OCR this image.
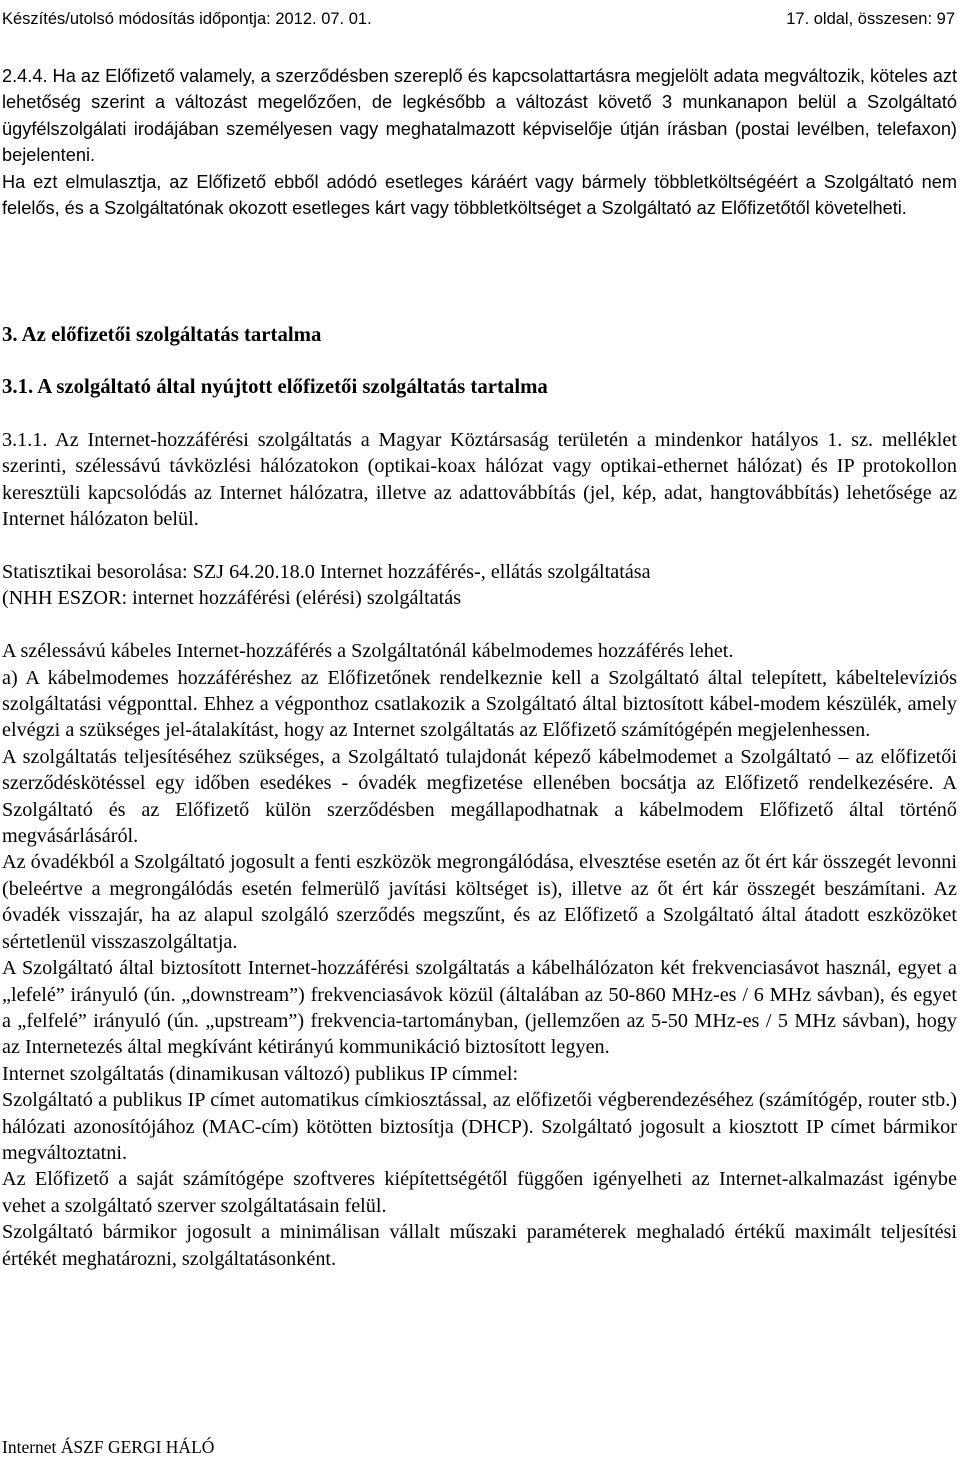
Készítés/utolsó módosítás időpontja: 2012. 07. 01.	17. oldal, összesen: 97
2.4.4. Ha az Előfizető valamely, a szerződésben szereplő és kapcsolattartásra megjelölt adata megváltozik, köteles azt lehetőség szerint a változást megelőzően, de legkésőbb a változást követő 3 munkanapon belül a Szolgáltató ügyfélszolgálati irodájában személyesen vagy meghatalmazott képviselője útján írásban (postai levélben, telefaxon) bejelenteni.
Ha ezt elmulasztja, az Előfizető ebből adódó esetleges káráért vagy bármely többletköltségéért a Szolgáltató nem felelős, és a Szolgáltatónak okozott esetleges kárt vagy többletköltséget a Szolgáltató az Előfizetőtől követelheti.
3. Az előfizetői szolgáltatás tartalma
3.1. A szolgáltató által nyújtott előfizetői szolgáltatás tartalma

3.1.1. Az Internet-hozzáférési szolgáltatás a Magyar Köztársaság területén a mindenkor hatályos 1. sz. melléklet szerinti, szélessávú távközlési hálózatokon (optikai-koax hálózat vagy optikai-ethernet hálózat) és IP protokollon keresztüli kapcsolódás az Internet hálózatra, illetve az adattovábbítás (jel, kép, adat, hangtovábbítás) lehetősége az Internet hálózaton belül.

Statisztikai besorolása: SZJ 64.20.18.0 Internet hozzáférés-, ellátás szolgáltatása

(NHH ESZOR: internet hozzáférési (elérési) szolgáltatás

A szélessávú kábeles Internet-hozzáférés a Szolgáltatónál kábelmodemes hozzáférés lehet.

a) A kábelmodemes hozzáféréshez az Előfizetőnek rendelkeznie kell a Szolgáltató által telepített, kábeltelevíziós szolgáltatási végponttal. Ehhez a végponthoz csatlakozik a Szolgáltató által biztosított kábel-modem készülék, amely elvégzi a szükséges jel-átalakítást, hogy az Internet szolgáltatás az Előfizető számítógépén megjelenhessen.

A szolgáltatás teljesítéséhez szükséges, a Szolgáltató tulajdonát képező kábelmodemet a Szolgáltató – az előfizetői szerződéskötéssel egy időben esedékes - óvadék megfizetése ellenében bocsátja az Előfizető rendelkezésére. A Szolgáltató és az Előfizető külön szerződésben megállapodhatnak a kábelmodem Előfizető által történő megvásárlásáról.

Az óvadékból a Szolgáltató jogosult a fenti eszközök megrongálódása, elvesztése esetén az őt ért kár összegét levonni (beleértve a megrongálódás esetén felmerülő javítási költséget is), illetve az őt ért kár összegét beszámítani. Az óvadék visszajár, ha az alapul szolgáló szerződés megszűnt, és az Előfizető a Szolgáltató által átadott eszközöket sértetlenül visszaszolgáltatja.

A Szolgáltató által biztosított Internet-hozzáférési szolgáltatás a kábelhálózaton két frekvenciasávot használ, egyet a „lefelé” irányuló (ún. „downstream”) frekvenciasávok közül (általában az 50-860 MHz-es / 6 MHz sávban), és egyet a „felfelé” irányuló (ún. „upstream”) frekvencia-tartományban, (jellemzően az 5-50 MHz-es / 5 MHz sávban), hogy az Internetezés által megkívánt kétirányú kommunikáció biztosított legyen.

Internet szolgáltatás (dinamikusan változó) publikus IP címmel:

Szolgáltató a publikus IP címet automatikus címkiosztással, az előfizetői végberendezéséhez (számítógép, router stb.) hálózati azonosítójához (MAC-cím) kötötten biztosítja (DHCP). Szolgáltató jogosult a kiosztott IP címet bármikor megváltoztatni.

Az Előfizető a saját számítógépe szoftveres kiépítettségétől függően igényelheti az Internet-alkalmazást igénybe vehet a szolgáltató szerver szolgáltatásain felül.

Szolgáltató bármikor jogosult a minimálisan vállalt műszaki paraméterek meghaladó értékű maximált teljesítési értékét meghatározni, szolgáltatásonként.

Internet ÁSZF GERGI HÁLÓ
